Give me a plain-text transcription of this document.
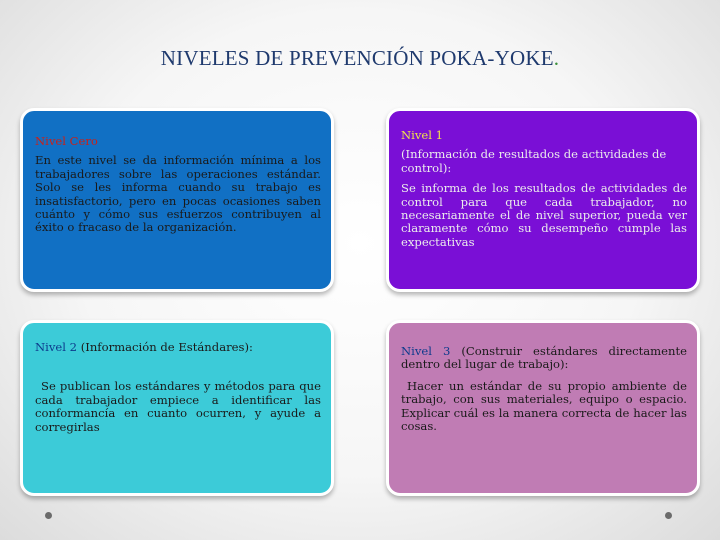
NIVELES DE PREVENCIÓN POKA-YOKE.

Nivel Cero

En este nivel se da información mínima a los trabajadores sobre las operaciones estándar. Solo se les informa cuando su trabajo es insatisfactorio, pero en pocas ocasiones saben cuánto y cómo sus esfuerzos contribuyen al éxito o fracaso de la organización.

Nivel 1

(Información de resultados de actividades de control):

Se informa de los resultados de actividades de control para que cada trabajador, no necesariamente el de nivel superior, pueda ver claramente cómo su desempeño cumple las expectativas

Nivel 2 (Información de Estándares):

Se publican los estándares y métodos para que cada trabajador empiece a identificar las conformancía en cuanto ocurren, y ayude a corregirlas

Nivel 3 (Construir estándares directamente dentro del lugar de trabajo):

Hacer un estándar de su propio ambiente de trabajo, con sus materiales, equipo o espacio. Explicar cuál es la manera correcta de hacer las cosas.
